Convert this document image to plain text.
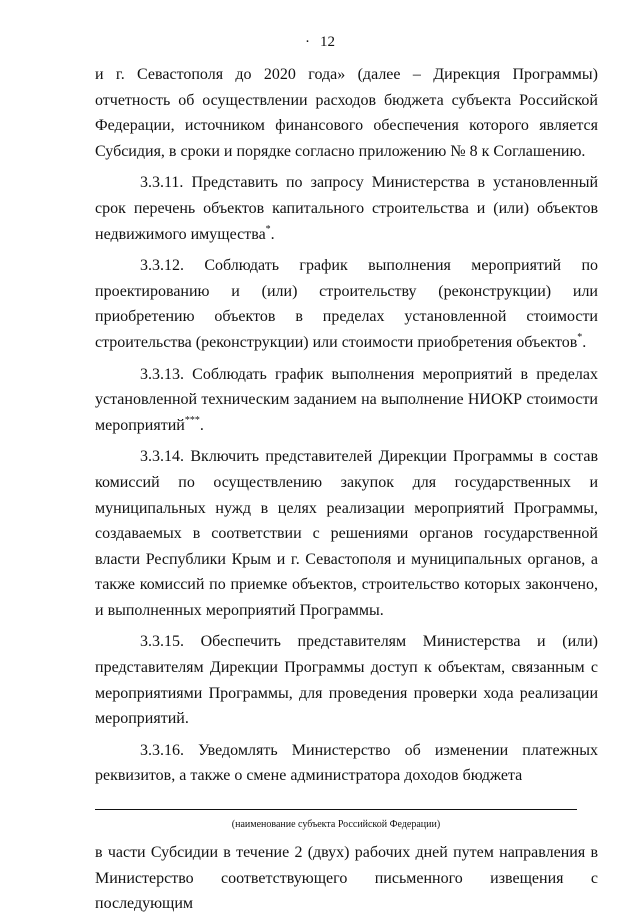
· 12

и г. Севастополя до 2020 года» (далее – Дирекция Программы) отчетность об осуществлении расходов бюджета субъекта Российской Федерации, источником финансового обеспечения которого является Субсидия, в сроки и порядке согласно приложению № 8 к Соглашению.

3.3.11. Представить по запросу Министерства в установленный срок перечень объектов капитального строительства и (или) объектов недвижимого имущества*.

3.3.12. Соблюдать график выполнения мероприятий по проектированию и (или) строительству (реконструкции) или приобретению объектов в пределах установленной стоимости строительства (реконструкции) или стоимости приобретения объектов*.

3.3.13. Соблюдать график выполнения мероприятий в пределах установленной техническим заданием на выполнение НИОКР стоимости мероприятий***.

3.3.14. Включить представителей Дирекции Программы в состав комиссий по осуществлению закупок для государственных и муниципальных нужд в целях реализации мероприятий Программы, создаваемых в соответствии с решениями органов государственной власти Республики Крым и г. Севастополя и муниципальных органов, а также комиссий по приемке объектов, строительство которых закончено, и выполненных мероприятий Программы.

3.3.15. Обеспечить представителям Министерства и (или) представителям Дирекции Программы доступ к объектам, связанным с мероприятиями Программы, для проведения проверки хода реализации мероприятий.

3.3.16. Уведомлять Министерство об изменении платежных реквизитов, а также о смене администратора доходов бюджета

(наименование субъекта Российской Федерации)

в части Субсидии в течение 2 (двух) рабочих дней путем направления в Министерство соответствующего письменного извещения с последующим
